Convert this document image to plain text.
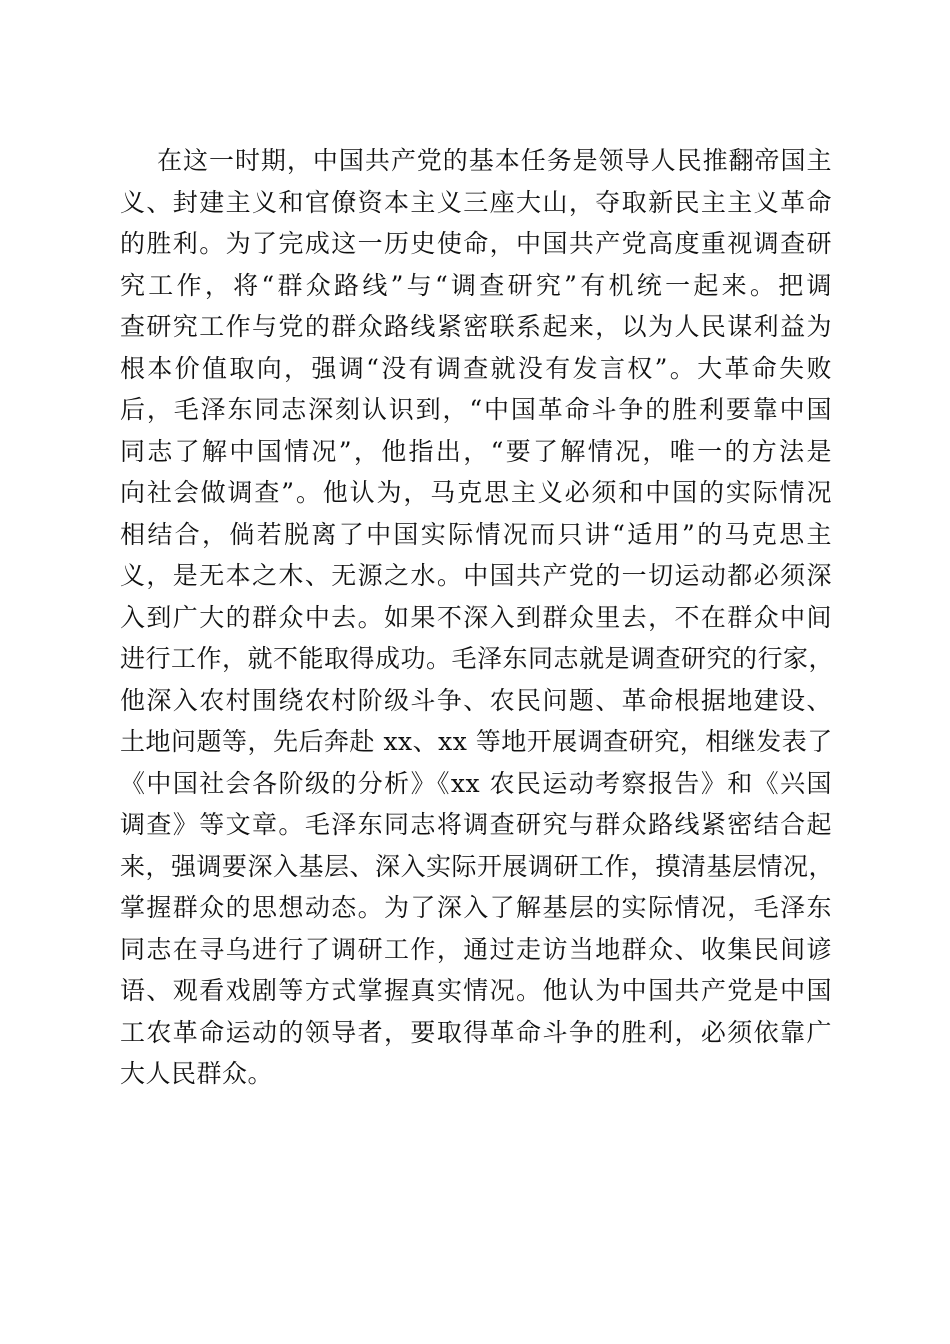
在这一时期，中国共产党的基本任务是领导人民推翻帝国主
义、封建主义和官僚资本主义三座大山，夺取新民主主义革命
的胜利。为了完成这一历史使命，中国共产党高度重视调查研
究工作，将“群众路线”与“调查研究”有机统一起来。把调
查研究工作与党的群众路线紧密联系起来，以为人民谋利益为
根本价值取向，强调“没有调查就没有发言权”。大革命失败
后，毛泽东同志深刻认识到，“中国革命斗争的胜利要靠中国
同志了解中国情况”，他指出，“要了解情况，唯一的方法是
向社会做调查”。他认为，马克思主义必须和中国的实际情况
相结合，倘若脱离了中国实际情况而只讲“适用”的马克思主
义，是无本之木、无源之水。中国共产党的一切运动都必须深
入到广大的群众中去。如果不深入到群众里去，不在群众中间
进行工作，就不能取得成功。毛泽东同志就是调查研究的行家，
他深入农村围绕农村阶级斗争、农民问题、革命根据地建设、
土地问题等，先后奔赴 xx、xx 等地开展调查研究，相继发表了
《中国社会各阶级的分析》《xx 农民运动考察报告》和《兴国
调查》等文章。毛泽东同志将调查研究与群众路线紧密结合起
来，强调要深入基层、深入实际开展调研工作，摸清基层情况，
掌握群众的思想动态。为了深入了解基层的实际情况，毛泽东
同志在寻乌进行了调研工作，通过走访当地群众、收集民间谚
语、观看戏剧等方式掌握真实情况。他认为中国共产党是中国
工农革命运动的领导者，要取得革命斗争的胜利，必须依靠广
大人民群众。
